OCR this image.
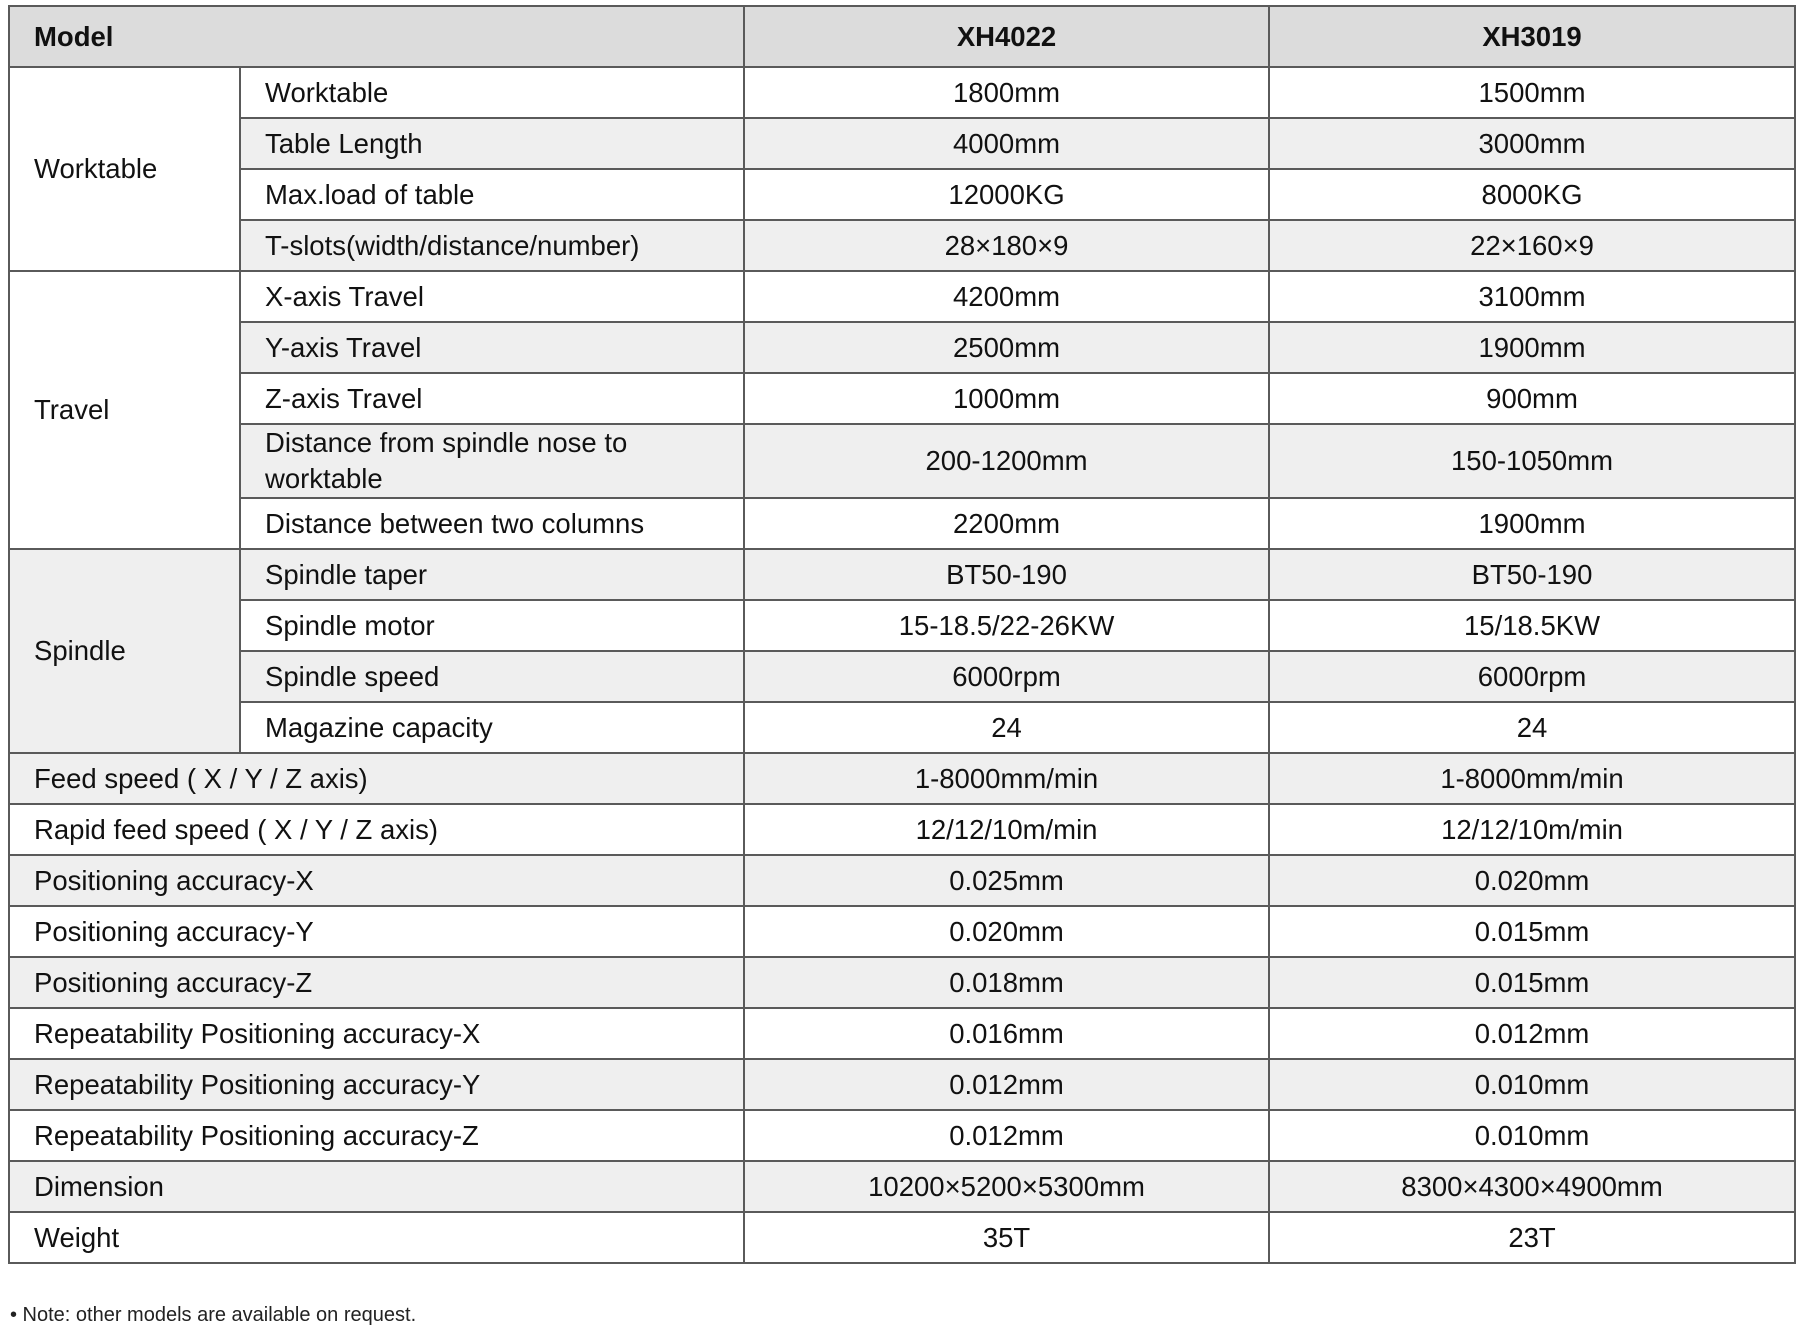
Model		XH4022	XH3019
Worktable	Worktable	1800mm	1500mm
	Table Length	4000mm	3000mm
	Max.load of table	12000KG	8000KG
	T-slots(width/distance/number)	28×180×9	22×160×9
Travel	X-axis Travel	4200mm	3100mm
	Y-axis Travel	2500mm	1900mm
	Z-axis Travel	1000mm	900mm
	Distance from spindle nose to worktable	200-1200mm	150-1050mm
	Distance between two columns	2200mm	1900mm
Spindle	Spindle taper	BT50-190	BT50-190
	Spindle motor	15-18.5/22-26KW	15/18.5KW
	Spindle speed	6000rpm	6000rpm
	Magazine capacity	24	24
Feed speed ( X / Y / Z axis)		1-8000mm/min	1-8000mm/min
Rapid feed speed ( X / Y / Z axis)		12/12/10m/min	12/12/10m/min
Positioning accuracy-X		0.025mm	0.020mm
Positioning accuracy-Y		0.020mm	0.015mm
Positioning accuracy-Z		0.018mm	0.015mm
Repeatability Positioning accuracy-X		0.016mm	0.012mm
Repeatability Positioning accuracy-Y		0.012mm	0.010mm
Repeatability Positioning accuracy-Z		0.012mm	0.010mm
Dimension		10200×5200×5300mm	8300×4300×4900mm
Weight		35T	23T
• Note: other models are available on request.
